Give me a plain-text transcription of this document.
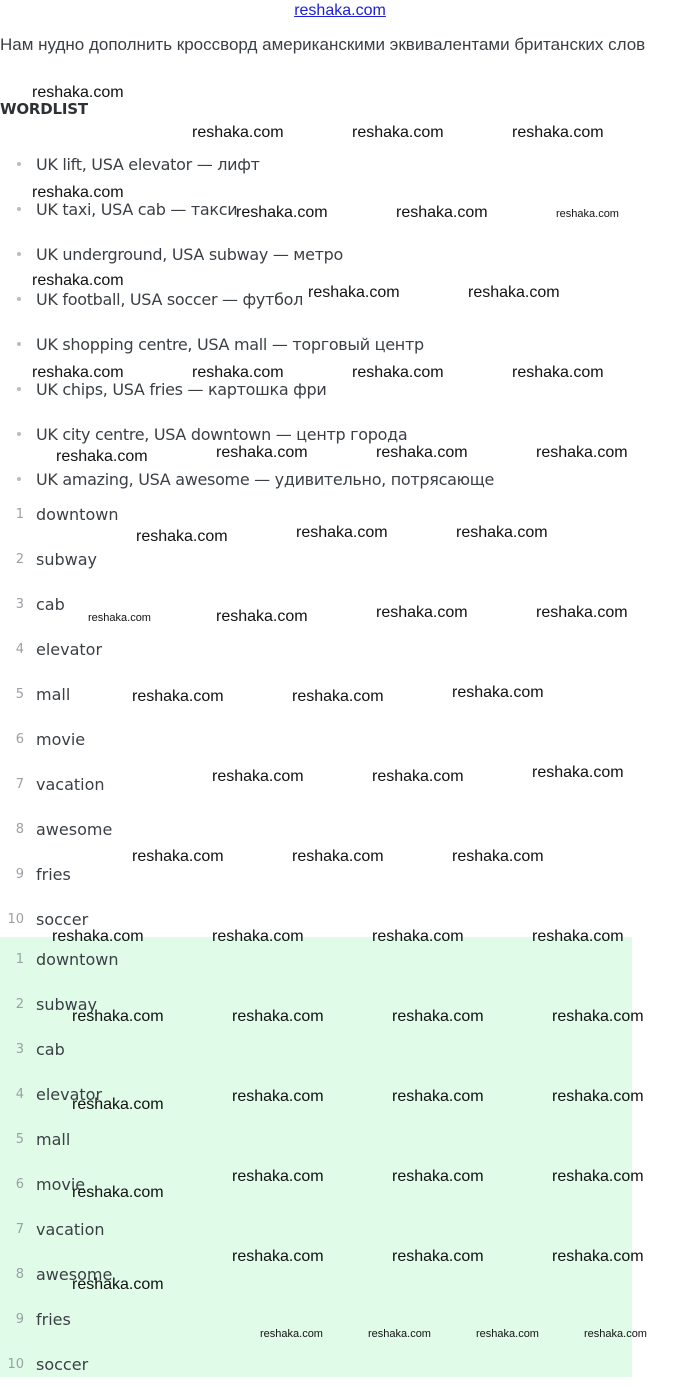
reshaka.com
Нам нудно дополнить кроссворд американскими эквивалентами британских слов
WORDLIST
UK lift, USA elevator — лифт
UK taxi, USA cab — такси
UK underground, USA subway — метро
UK football, USA soccer — футбол
UK shopping centre, USA mall — торговый центр
UK chips, USA fries — картошка фри
UK city centre, USA downtown — центр города
UK amazing, USA awesome — удивительно, потрясающе
1 downtown
2 subway
3 cab
4 elevator
5 mall
6 movie
7 vacation
8 awesome
9 fries
10 soccer
1 downtown
2 subway
3 cab
4 elevator
5 mall
6 movie
7 vacation
8 awesome
9 fries
10 soccer
reshaka.com
reshaka.com	reshaka.com	reshaka.com
reshaka.com
reshaka.com	reshaka.com	reshaka.com
reshaka.com
reshaka.com	reshaka.com
reshaka.com	reshaka.com	reshaka.com	reshaka.com
reshaka.com	reshaka.com	reshaka.com	reshaka.com
reshaka.com	reshaka.com	reshaka.com
reshaka.com	reshaka.com	reshaka.com	reshaka.com
reshaka.com	reshaka.com	reshaka.com
reshaka.com	reshaka.com	reshaka.com
reshaka.com	reshaka.com	reshaka.com
reshaka.com	reshaka.com	reshaka.com	reshaka.com
reshaka.com	reshaka.com	reshaka.com	reshaka.com
reshaka.com	reshaka.com	reshaka.com	reshaka.com
reshaka.com
reshaka.com	reshaka.com	reshaka.com
reshaka.com	reshaka.com	reshaka.com
reshaka.com
reshaka.com	reshaka.com	reshaka.com	reshaka.com
